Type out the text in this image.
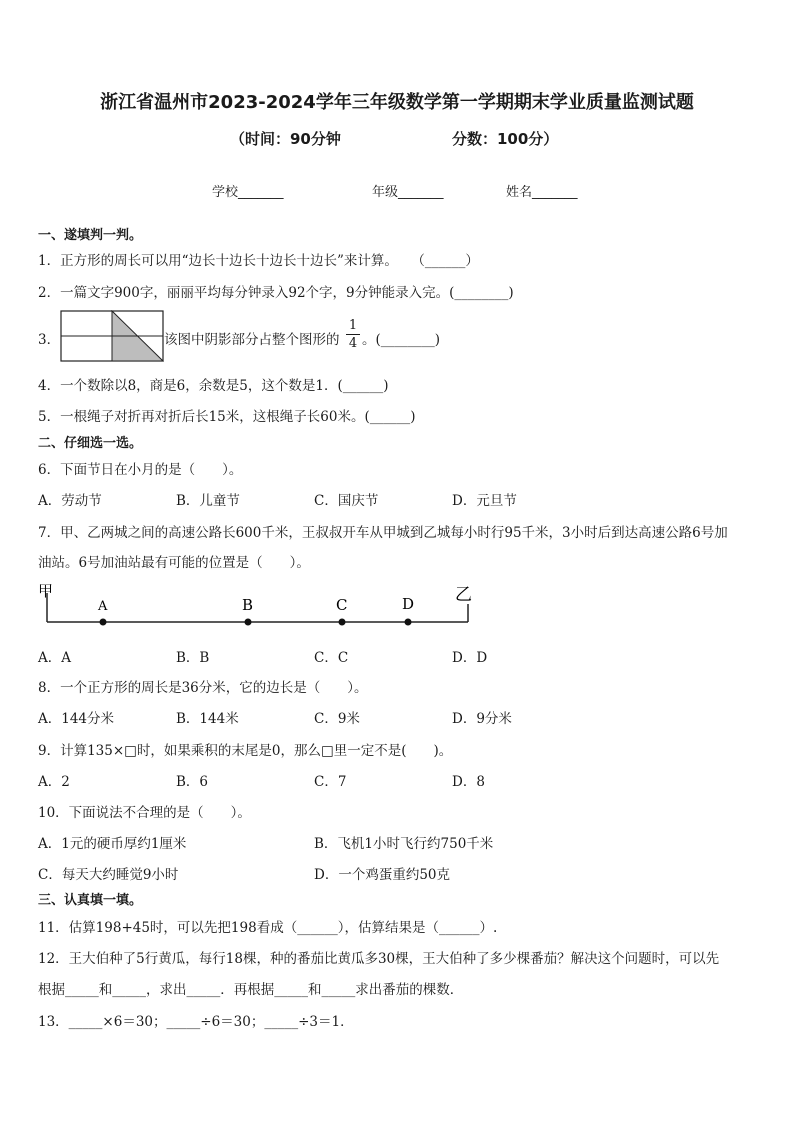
浙江省温州市2023-2024学年三年级数学第一学期期末学业质量监测试题
（时间：90分钟	分数：100分）
学校_______	年级_______	姓名_______
一、遂填判一判。
1．正方形的周长可以用“边长十边长十边长十边长”来计算。　　（______）
2．一篇文字900字，丽丽平均每分钟录入92个字，9分钟能录入完。(________)
3．	该图中阴影部分占整个图形的
1
4 。(________)
4．一个数除以8，商是6，余数是5，这个数是1．(______)
5．一根绳子对折再对折后长15米，这根绳子长60米。(______)
二、仔细选一选。
6．下面节日在小月的是（　　）。
A．劳动节	B．儿童节	C．国庆节	D．元旦节
7．甲、乙两城之间的高速公路长600千米，王叔叔开车从甲城到乙城每小时行95千米，3小时后到达高速公路6号加
油站。6号加油站最有可能的位置是（　　）。
甲	乙
A	B	C	D
A．A	B．B	C．C	D．D
8．一个正方形的周长是36分米，它的边长是（　　）。
A．144分米	B．144米	C．9米	D．9分米
9．计算135×□时，如果乘积的末尾是0，那么□里一定不是(　　)。
A．2	B．6	C．7	D．8
10．下面说法不合理的是（　　）。
A．1元的硬币厚约1厘米	B．飞机1小时飞行约750千米
C．每天大约睡觉9小时	D．一个鸡蛋重约50克
三、认真填一填。
11．估算198+45时，可以先把198看成（______），估算结果是（______）.
12．王大伯种了5行黄瓜，每行18棵，种的番茄比黄瓜多30棵，王大伯种了多少棵番茄？解决这个问题时，可以先
根据_____和_____，求出_____．再根据_____和_____求出番茄的棵数．
13．_____×6＝30；_____÷6＝30；_____÷3＝1．
